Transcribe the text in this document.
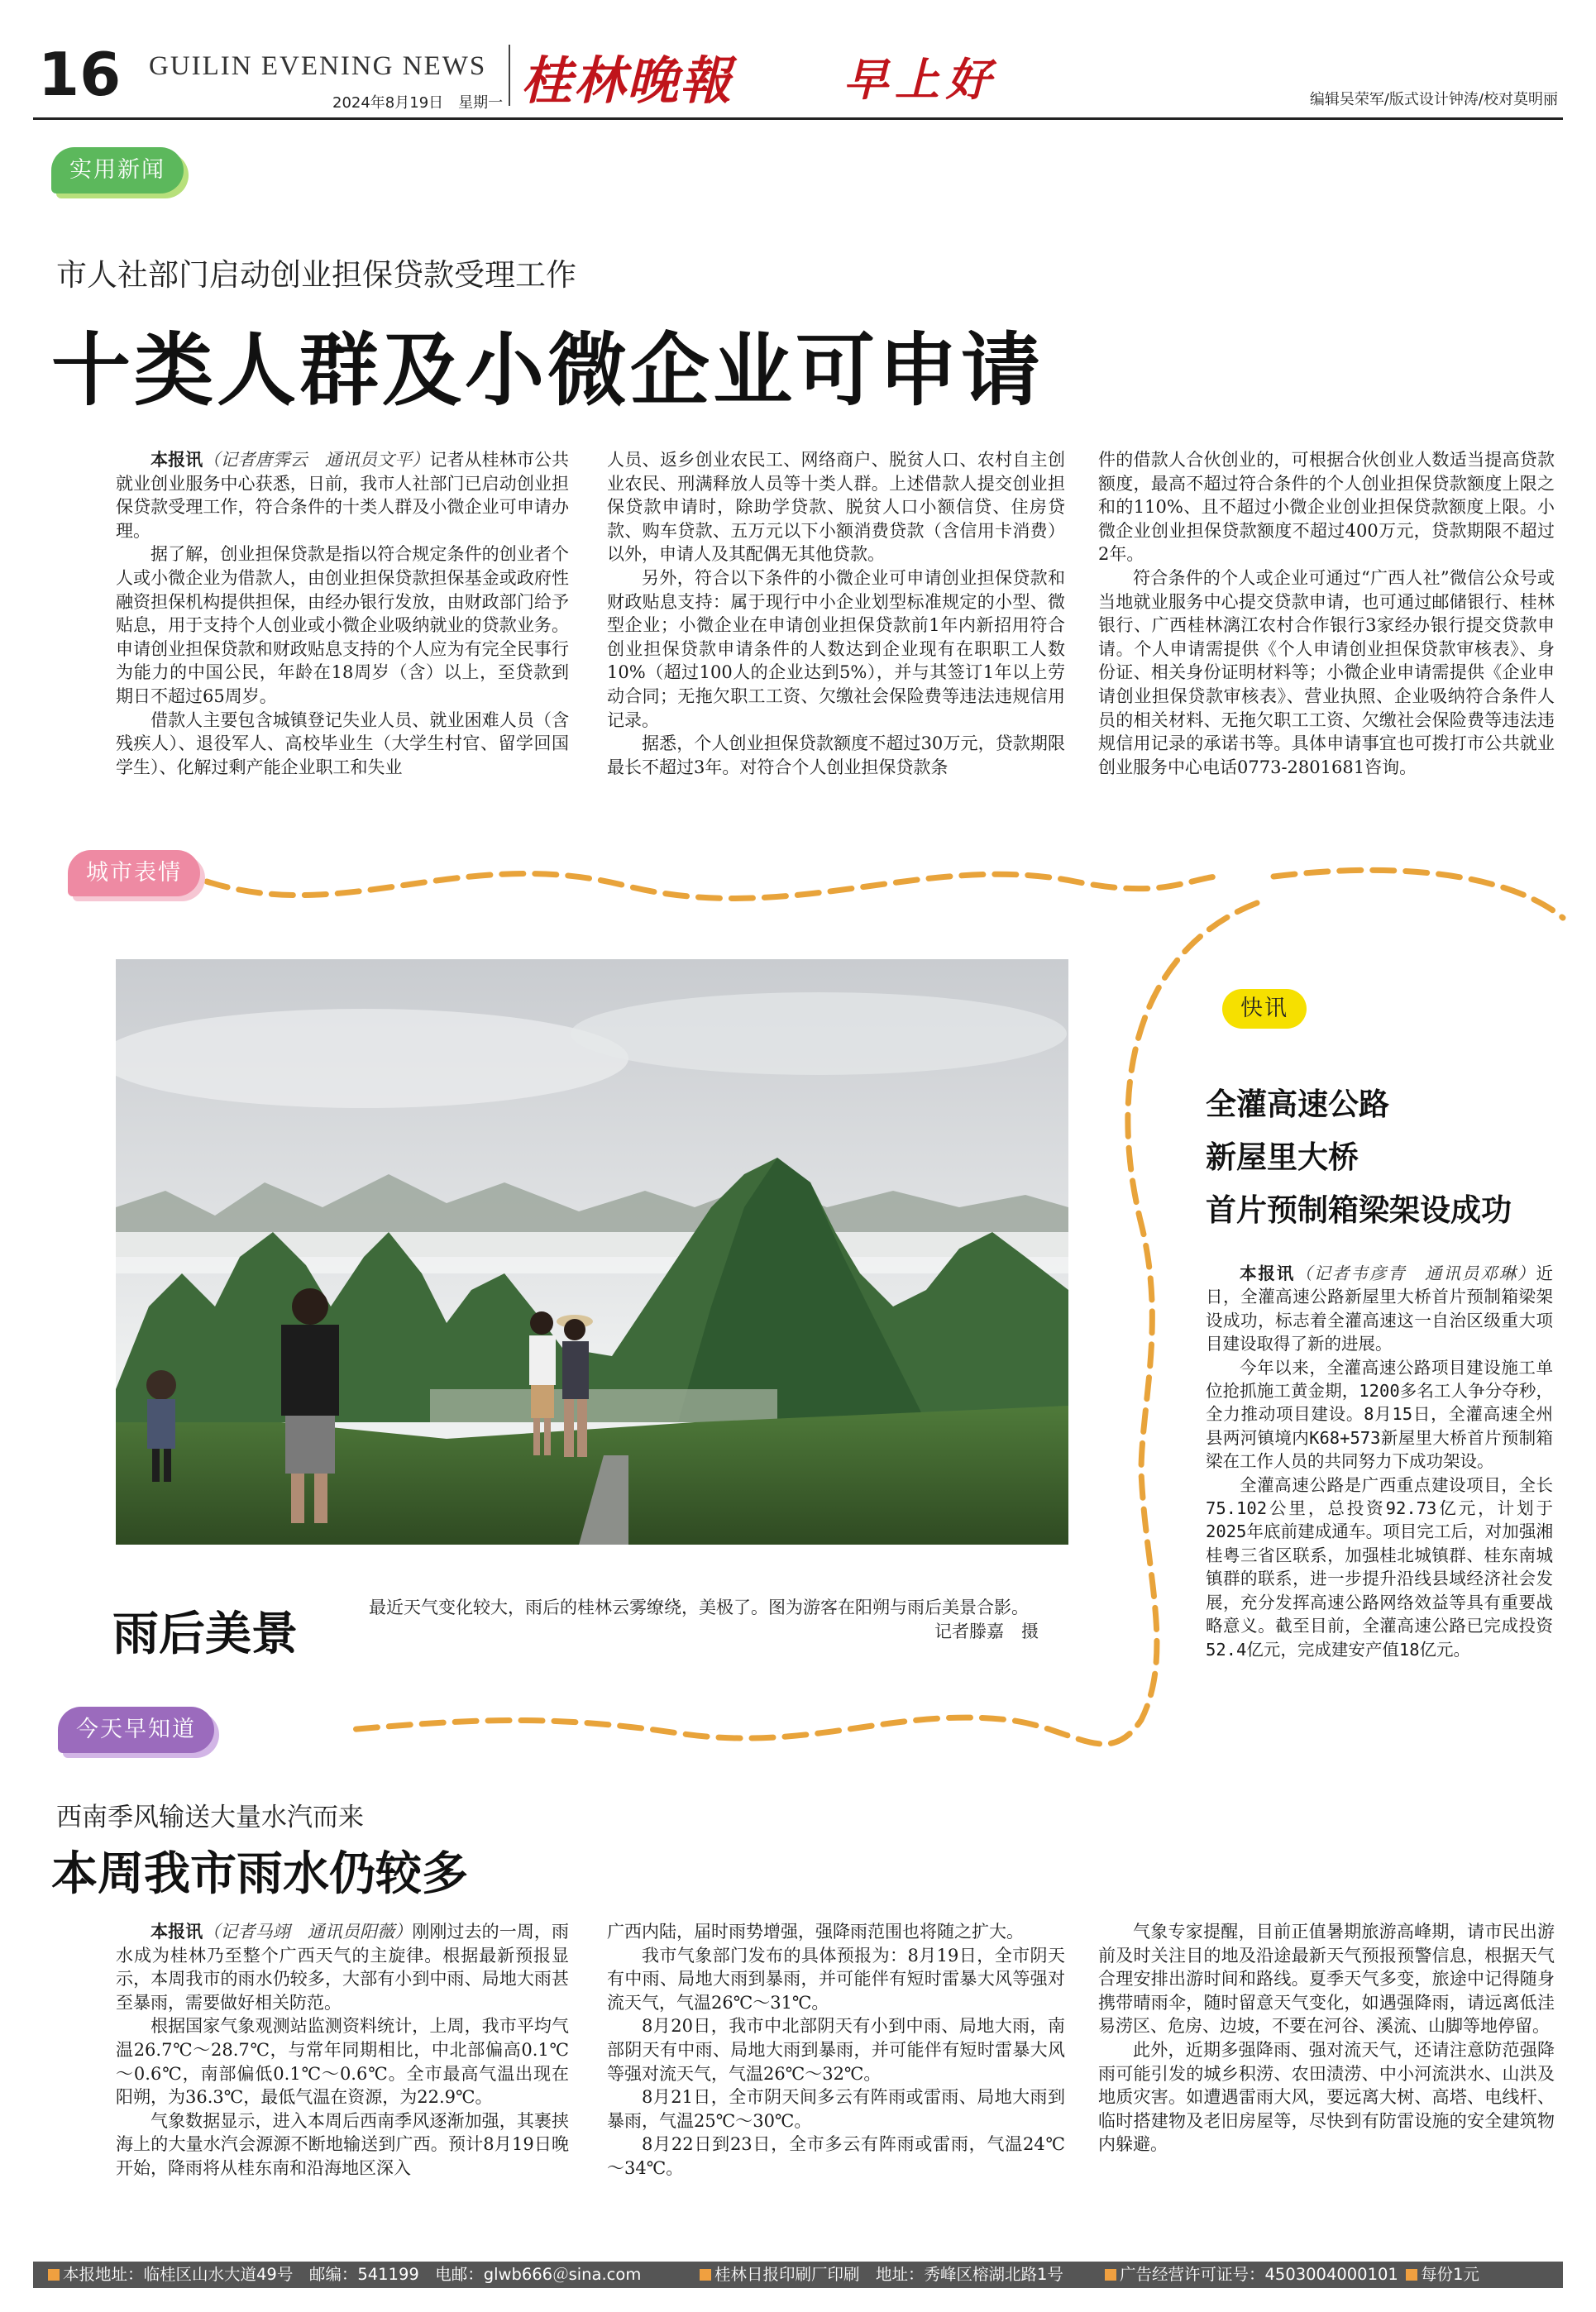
16 GUILIN EVENING NEWS
2024年8月19日　星期一 桂林晚報 早上好	编辑吴荣军/版式设计钟涛/校对莫明丽
实用新闻
市人社部门启动创业担保贷款受理工作
十类人群及小微企业可申请

本报讯（记者唐霁云　通讯员文平）记者从桂林市公共就业创业服务中心获悉，日前，我市人社部门已启动创业担保贷款受理工作，符合条件的十类人群及小微企业可申请办理。

据了解，创业担保贷款是指以符合规定条件的创业者个人或小微企业为借款人，由创业担保贷款担保基金或政府性融资担保机构提供担保，由经办银行发放，由财政部门给予贴息，用于支持个人创业或小微企业吸纳就业的贷款业务。申请创业担保贷款和财政贴息支持的个人应为有完全民事行为能力的中国公民，年龄在18周岁（含）以上，至贷款到期日不超过65周岁。

借款人主要包含城镇登记失业人员、就业困难人员（含残疾人）、退役军人、高校毕业生（大学生村官、留学回国学生）、化解过剩产能企业职工和失业

人员、返乡创业农民工、网络商户、脱贫人口、农村自主创业农民、刑满释放人员等十类人群。上述借款人提交创业担保贷款申请时，除助学贷款、脱贫人口小额信贷、住房贷款、购车贷款、五万元以下小额消费贷款（含信用卡消费）以外，申请人及其配偶无其他贷款。

另外，符合以下条件的小微企业可申请创业担保贷款和财政贴息支持：属于现行中小企业划型标准规定的小型、微型企业；小微企业在申请创业担保贷款前1年内新招用符合创业担保贷款申请条件的人数达到企业现有在职职工人数10%（超过100人的企业达到5%），并与其签订1年以上劳动合同；无拖欠职工工资、欠缴社会保险费等违法违规信用记录。

据悉，个人创业担保贷款额度不超过30万元，贷款期限最长不超过3年。对符合个人创业担保贷款条

件的借款人合伙创业的，可根据合伙创业人数适当提高贷款额度，最高不超过符合条件的个人创业担保贷款额度上限之和的110%、且不超过小微企业创业担保贷款额度上限。小微企业创业担保贷款额度不超过400万元，贷款期限不超过2年。

符合条件的个人或企业可通过“广西人社”微信公众号或当地就业服务中心提交贷款申请，也可通过邮储银行、桂林银行、广西桂林漓江农村合作银行3家经办银行提交贷款申请。个人申请需提供《个人申请创业担保贷款审核表》、身份证、相关身份证明材料等；小微企业申请需提供《企业申请创业担保贷款审核表》、营业执照、企业吸纳符合条件人员的相关材料、无拖欠职工工资、欠缴社会保险费等违法违规信用记录的承诺书等。具体申请事宜也可拨打市公共就业创业服务中心电话0773-2801681咨询。

城市表情
雨后美景	最近天气变化较大，雨后的桂林云雾缭绕，美极了。图为游客在阳朔与雨后美景合影。
记者滕嘉　摄
快讯
全灌高速公路
新屋里大桥
首片预制箱梁架设成功

本报讯（记者韦彦青　通讯员邓琳）近日，全灌高速公路新屋里大桥首片预制箱梁架设成功，标志着全灌高速这一自治区级重大项目建设取得了新的进展。

今年以来，全灌高速公路项目建设施工单位抢抓施工黄金期，1200多名工人争分夺秒，全力推动项目建设。8月15日，全灌高速全州县两河镇境内K68+573新屋里大桥首片预制箱梁在工作人员的共同努力下成功架设。

全灌高速公路是广西重点建设项目，全长75.102公里，总投资92.73亿元，计划于2025年底前建成通车。项目完工后，对加强湘桂粤三省区联系，加强桂北城镇群、桂东南城镇群的联系，进一步提升沿线县域经济社会发展，充分发挥高速公路网络效益等具有重要战略意义。截至目前，全灌高速公路已完成投资52.4亿元，完成建安产值18亿元。

今天早知道
西南季风输送大量水汽而来
本周我市雨水仍较多

本报讯（记者马翊　通讯员阳薇）刚刚过去的一周，雨水成为桂林乃至整个广西天气的主旋律。根据最新预报显示，本周我市的雨水仍较多，大部有小到中雨、局地大雨甚至暴雨，需要做好相关防范。

根据国家气象观测站监测资料统计，上周，我市平均气温26.7℃～28.7℃，与常年同期相比，中北部偏高0.1℃～0.6℃，南部偏低0.1℃～0.6℃。全市最高气温出现在阳朔，为36.3℃，最低气温在资源，为22.9℃。

气象数据显示，进入本周后西南季风逐渐加强，其裹挟海上的大量水汽会源源不断地输送到广西。预计8月19日晚开始，降雨将从桂东南和沿海地区深入

广西内陆，届时雨势增强，强降雨范围也将随之扩大。

我市气象部门发布的具体预报为：8月19日，全市阴天有中雨、局地大雨到暴雨，并可能伴有短时雷暴大风等强对流天气，气温26℃～31℃。

8月20日，我市中北部阴天有小到中雨、局地大雨，南部阴天有中雨、局地大雨到暴雨，并可能伴有短时雷暴大风等强对流天气，气温26℃～32℃。

8月21日，全市阴天间多云有阵雨或雷雨、局地大雨到暴雨，气温25℃～30℃。

8月22日到23日，全市多云有阵雨或雷雨，气温24℃～34℃。

气象专家提醒，目前正值暑期旅游高峰期，请市民出游前及时关注目的地及沿途最新天气预报预警信息，根据天气合理安排出游时间和路线。夏季天气多变，旅途中记得随身携带晴雨伞，随时留意天气变化，如遇强降雨，请远离低洼易涝区、危房、边坡，不要在河谷、溪流、山脚等地停留。

此外，近期多强降雨、强对流天气，还请注意防范强降雨可能引发的城乡积涝、农田渍涝、中小河流洪水、山洪及地质灾害。如遭遇雷雨大风，要远离大树、高塔、电线杆、临时搭建物及老旧房屋等，尽快到有防雷设施的安全建筑物内躲避。

本报地址：临桂区山水大道49号　邮编：541199　电邮：glwb666＠sina.com	桂林日报印刷厂印刷　地址：秀峰区榕湖北路1号	广告经营许可证号：4503004000101	每份1元
